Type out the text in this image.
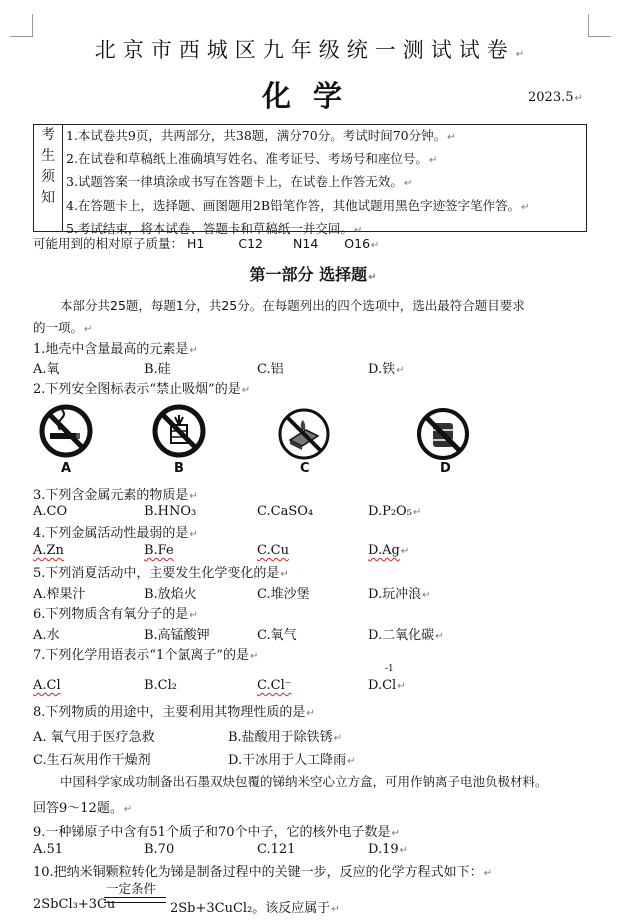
北京市西城区九年级统一测试试卷↵
化学	2023.5↵
考
生
须
知
1.本试卷共9页，共两部分，共38题，满分70分。考试时间70分钟。↵
2.在试卷和草稿纸上准确填写姓名、准考证号、考场号和座位号。↵
3.试题答案一律填涂或书写在答题卡上，在试卷上作答无效。↵
4.在答题卡上，选择题、画图题用2B铅笔作答，其他试题用黑色字迹签字笔作答。↵
5.考试结束，将本试卷、答题卡和草稿纸一并交回。↵
可能用到的相对原子质量： H1	C12 N14 O16↵
第一部分 选择题↵
本部分共25题，每题1分，共25分。在每题列出的四个选项中，选出最符合题目要求
的一项。↵
1.地壳中含量最高的元素是↵
A.氧	B.硅	C.铝	D.铁↵
2.下列安全图标表示“禁止吸烟”的是↵
A	B	C	D
3.下列含金属元素的物质是↵
A.CO	B.HNO₃	C.CaSO₄	D.P₂O₅↵
4.下列金属活动性最弱的是↵
A.Zn	B.Fe	C.Cu	D.Ag↵
5.下列消夏活动中，主要发生化学变化的是↵
A.榨果汁	B.放焰火	C.堆沙堡	D.玩冲浪↵
6.下列物质含有氧分子的是↵
A.水	B.高锰酸钾	C.氧气	D.二氧化碳↵
7.下列化学用语表示“1个氯离子”的是↵
A.Cl	B.Cl₂	C.Cl⁻
-1
D.Cl↵
8.下列物质的用途中，主要利用其物理性质的是↵
A. 氧气用于医疗急救	B.盐酸用于除铁锈↵
C.生石灰用作干燥剂	D.干冰用于人工降雨↵
中国科学家成功制备出石墨双炔包覆的锑纳米空心立方盒，可用作钠离子电池负极材料。
回答9～12题。↵
9.一种锑原子中含有51个质子和70个中子，它的核外电子数是↵
A.51	B.70	C.121	D.19↵
10.把纳米铜颗粒转化为锑是制备过程中的关键一步，反应的化学方程式如下：↵
2SbCl₃+3Cu
一定条件
2Sb+3CuCl₂。该反应属于↵
